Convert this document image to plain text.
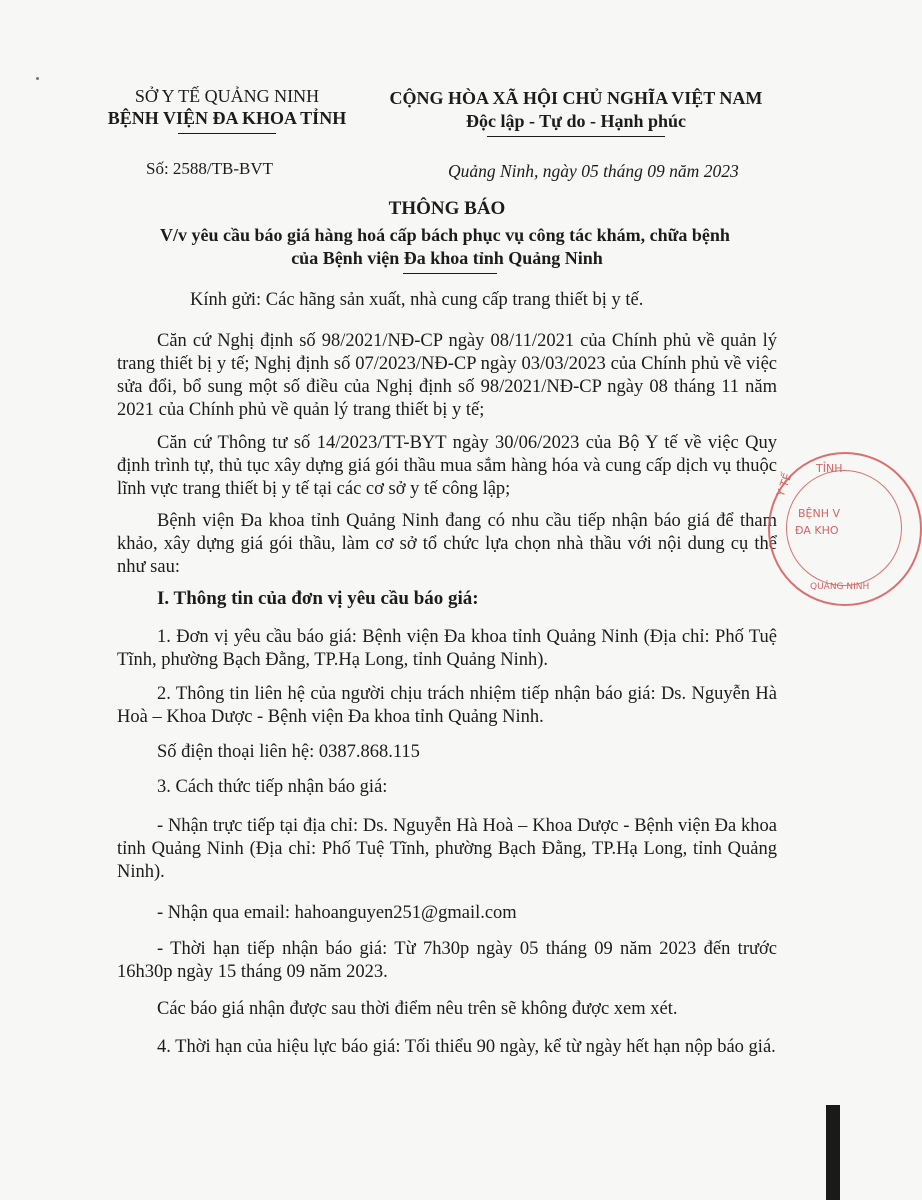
SỞ Y TẾ QUẢNG NINH
BỆNH VIỆN ĐA KHOA TỈNH
CỘNG HÒA XÃ HỘI CHỦ NGHĨA VIỆT NAM
Độc lập - Tự do - Hạnh phúc
Số: 2588/TB-BVT	Quảng Ninh, ngày 05 tháng 09 năm 2023
THÔNG BÁO
V/v yêu cầu báo giá hàng hoá cấp bách phục vụ công tác khám, chữa bệnh
của Bệnh viện Đa khoa tỉnh Quảng Ninh
Kính gửi: Các hãng sản xuất, nhà cung cấp trang thiết bị y tế.
Căn cứ Nghị định số 98/2021/NĐ-CP ngày 08/11/2021 của Chính phủ về quản lý trang thiết bị y tế; Nghị định số 07/2023/NĐ-CP ngày 03/03/2023 của Chính phủ về việc sửa đổi, bổ sung một số điều của Nghị định số 98/2021/NĐ-CP ngày 08 tháng 11 năm 2021 của Chính phủ về quản lý trang thiết bị y tế;
Căn cứ Thông tư số 14/2023/TT-BYT ngày 30/06/2023 của Bộ Y tế về việc Quy định trình tự, thủ tục xây dựng giá gói thầu mua sắm hàng hóa và cung cấp dịch vụ thuộc lĩnh vực trang thiết bị y tế tại các cơ sở y tế công lập;
Bệnh viện Đa khoa tỉnh Quảng Ninh đang có nhu cầu tiếp nhận báo giá để tham khảo, xây dựng giá gói thầu, làm cơ sở tổ chức lựa chọn nhà thầu với nội dung cụ thể như sau:
I. Thông tin của đơn vị yêu cầu báo giá:
1. Đơn vị yêu cầu báo giá: Bệnh viện Đa khoa tỉnh Quảng Ninh (Địa chỉ: Phố Tuệ Tĩnh, phường Bạch Đằng, TP.Hạ Long, tỉnh Quảng Ninh).
2. Thông tin liên hệ của người chịu trách nhiệm tiếp nhận báo giá: Ds. Nguyễn Hà Hoà – Khoa Dược - Bệnh viện Đa khoa tỉnh Quảng Ninh.
Số điện thoại liên hệ: 0387.868.115
3. Cách thức tiếp nhận báo giá:
- Nhận trực tiếp tại địa chỉ: Ds. Nguyễn Hà Hoà – Khoa Dược - Bệnh viện Đa khoa tỉnh Quảng Ninh (Địa chỉ: Phố Tuệ Tĩnh, phường Bạch Đằng, TP.Hạ Long, tỉnh Quảng Ninh).
- Nhận qua email: hahoanguyen251@gmail.com
- Thời hạn tiếp nhận báo giá: Từ 7h30p ngày 05 tháng 09 năm 2023 đến trước 16h30p ngày 15 tháng 09 năm 2023.
Các báo giá nhận được sau thời điểm nêu trên sẽ không được xem xét.
4. Thời hạn của hiệu lực báo giá: Tối thiểu 90 ngày, kể từ ngày hết hạn nộp báo giá.
TỈNH
Y TẾ
BỆNH V
ĐA KHO
QUẢNG NINH
